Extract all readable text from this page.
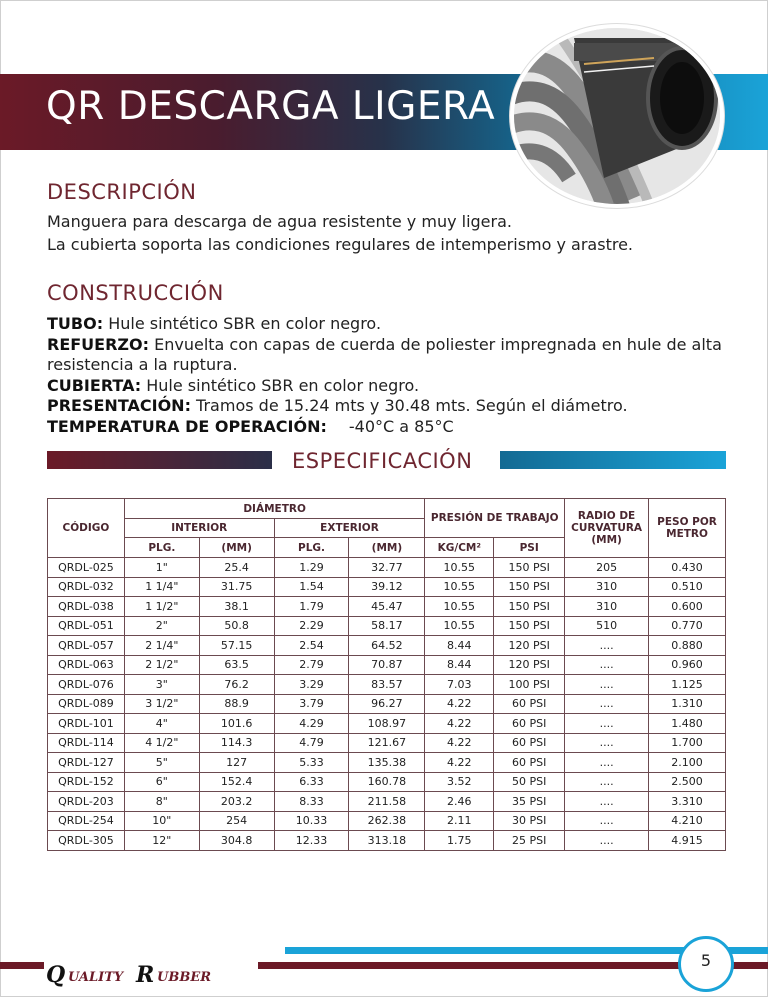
QR DESCARGA LIGERA
DESCRIPCIÓN
Manguera para descarga de agua resistente y muy ligera.
La cubierta soporta las condiciones regulares de intemperismo y arastre.
CONSTRUCCIÓN
TUBO: Hule sintético SBR en color negro.
REFUERZO: Envuelta con capas de cuerda de poliester impregnada en hule de alta resistencia a la ruptura.
CUBIERTA: Hule sintético SBR en color negro.
PRESENTACIÓN: Tramos de 15.24 mts y 30.48 mts. Según el diámetro.
TEMPERATURA DE OPERACIÓN: -40°C a 85°C
ESPECIFICACIÓN
CÓDIGO	DIÁMETRO				PRESIÓN DE TRABAJO		RADIO DE CURVATURA (MM)	PESO POR METRO
	INTERIOR		EXTERIOR					
	PLG.	(MM)	PLG.	(MM)	KG/CM²	PSI		
QRDL-025	1"	25.4	1.29	32.77	10.55	150 PSI	205	0.430
QRDL-032	1 1/4"	31.75	1.54	39.12	10.55	150 PSI	310	0.510
QRDL-038	1 1/2"	38.1	1.79	45.47	10.55	150 PSI	310	0.600
QRDL-051	2"	50.8	2.29	58.17	10.55	150 PSI	510	0.770
QRDL-057	2 1/4"	57.15	2.54	64.52	8.44	120 PSI	....	0.880
QRDL-063	2 1/2"	63.5	2.79	70.87	8.44	120 PSI	....	0.960
QRDL-076	3"	76.2	3.29	83.57	7.03	100 PSI	....	1.125
QRDL-089	3 1/2"	88.9	3.79	96.27	4.22	60 PSI	....	1.310
QRDL-101	4"	101.6	4.29	108.97	4.22	60 PSI	....	1.480
QRDL-114	4 1/2"	114.3	4.79	121.67	4.22	60 PSI	....	1.700
QRDL-127	5"	127	5.33	135.38	4.22	60 PSI	....	2.100
QRDL-152	6"	152.4	6.33	160.78	3.52	50 PSI	....	2.500
QRDL-203	8"	203.2	8.33	211.58	2.46	35 PSI	....	3.310
QRDL-254	10"	254	10.33	262.38	2.11	30 PSI	....	4.210
QRDL-305	12"	304.8	12.33	313.18	1.75	25 PSI	....	4.915
5
Q UALITY R UBBER
